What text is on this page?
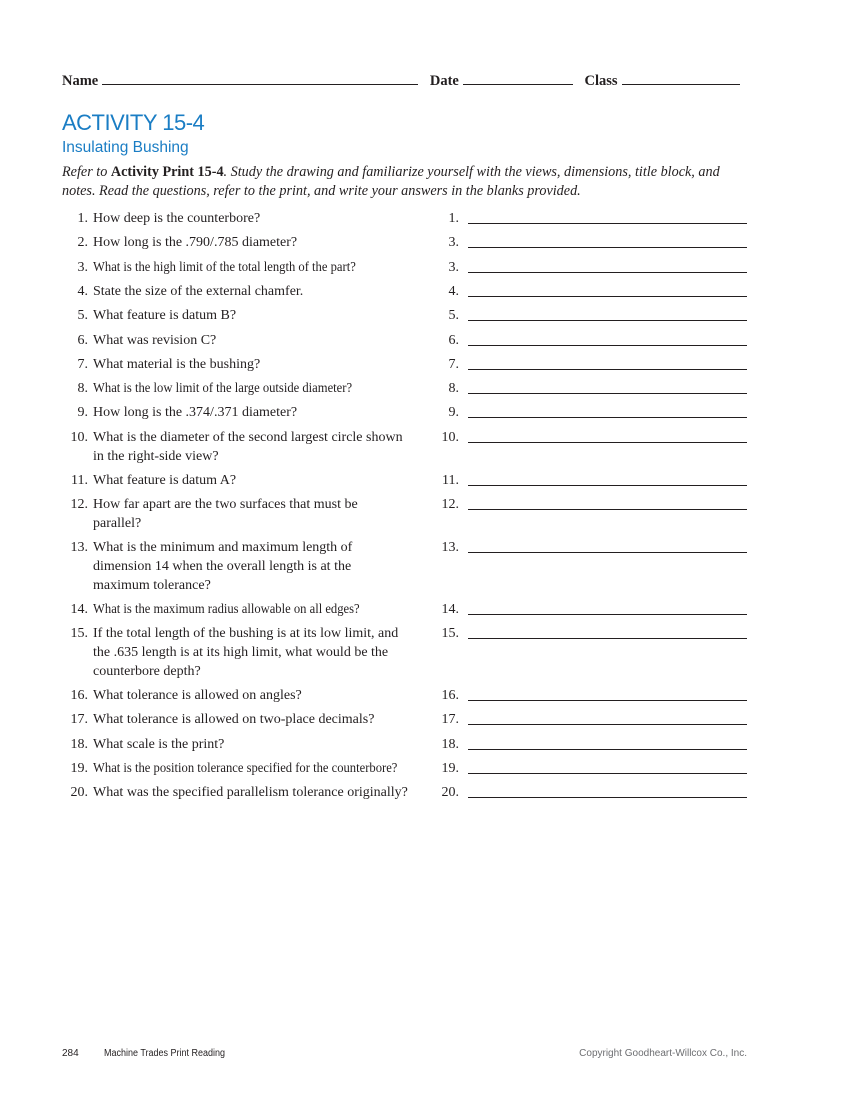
Name	Date	Class
ACTIVITY 15-4
Insulating Bushing
Refer to Activity Print 15-4. Study the drawing and familiarize yourself with the views, dimensions, title block, and notes. Read the questions, refer to the print, and write your answers in the blanks provided.
1. How deep is the counterbore?	1.
2. How long is the .790/.785 diameter?	3.
3. What is the high limit of the total length of the part?	3.
4. State the size of the external chamfer.	4.
5. What feature is datum B?	5.
6. What was revision C?	6.
7. What material is the bushing?	7.
8. What is the low limit of the large outside diameter?	8.
9. How long is the .374/.371 diameter?	9.
10. What is the diameter of the second largest circle shown
in the right-side view?
10.
11. What feature is datum A?	11.
12. How far apart are the two surfaces that must be
parallel?
12.
13. What is the minimum and maximum length of
dimension 14 when the overall length is at the
maximum tolerance?
13.
14. What is the maximum radius allowable on all edges?	14.
15. If the total length of the bushing is at its low limit, and
the .635 length is at its high limit, what would be the
counterbore depth?
15.
16. What tolerance is allowed on angles?	16.
17. What tolerance is allowed on two-place decimals?	17.
18. What scale is the print?	18.
19. What is the position tolerance specified for the counterbore?	19.
20. What was the specified parallelism tolerance originally? 20.
284	Machine Trades Print Reading	Copyright Goodheart-Willcox Co., Inc.
